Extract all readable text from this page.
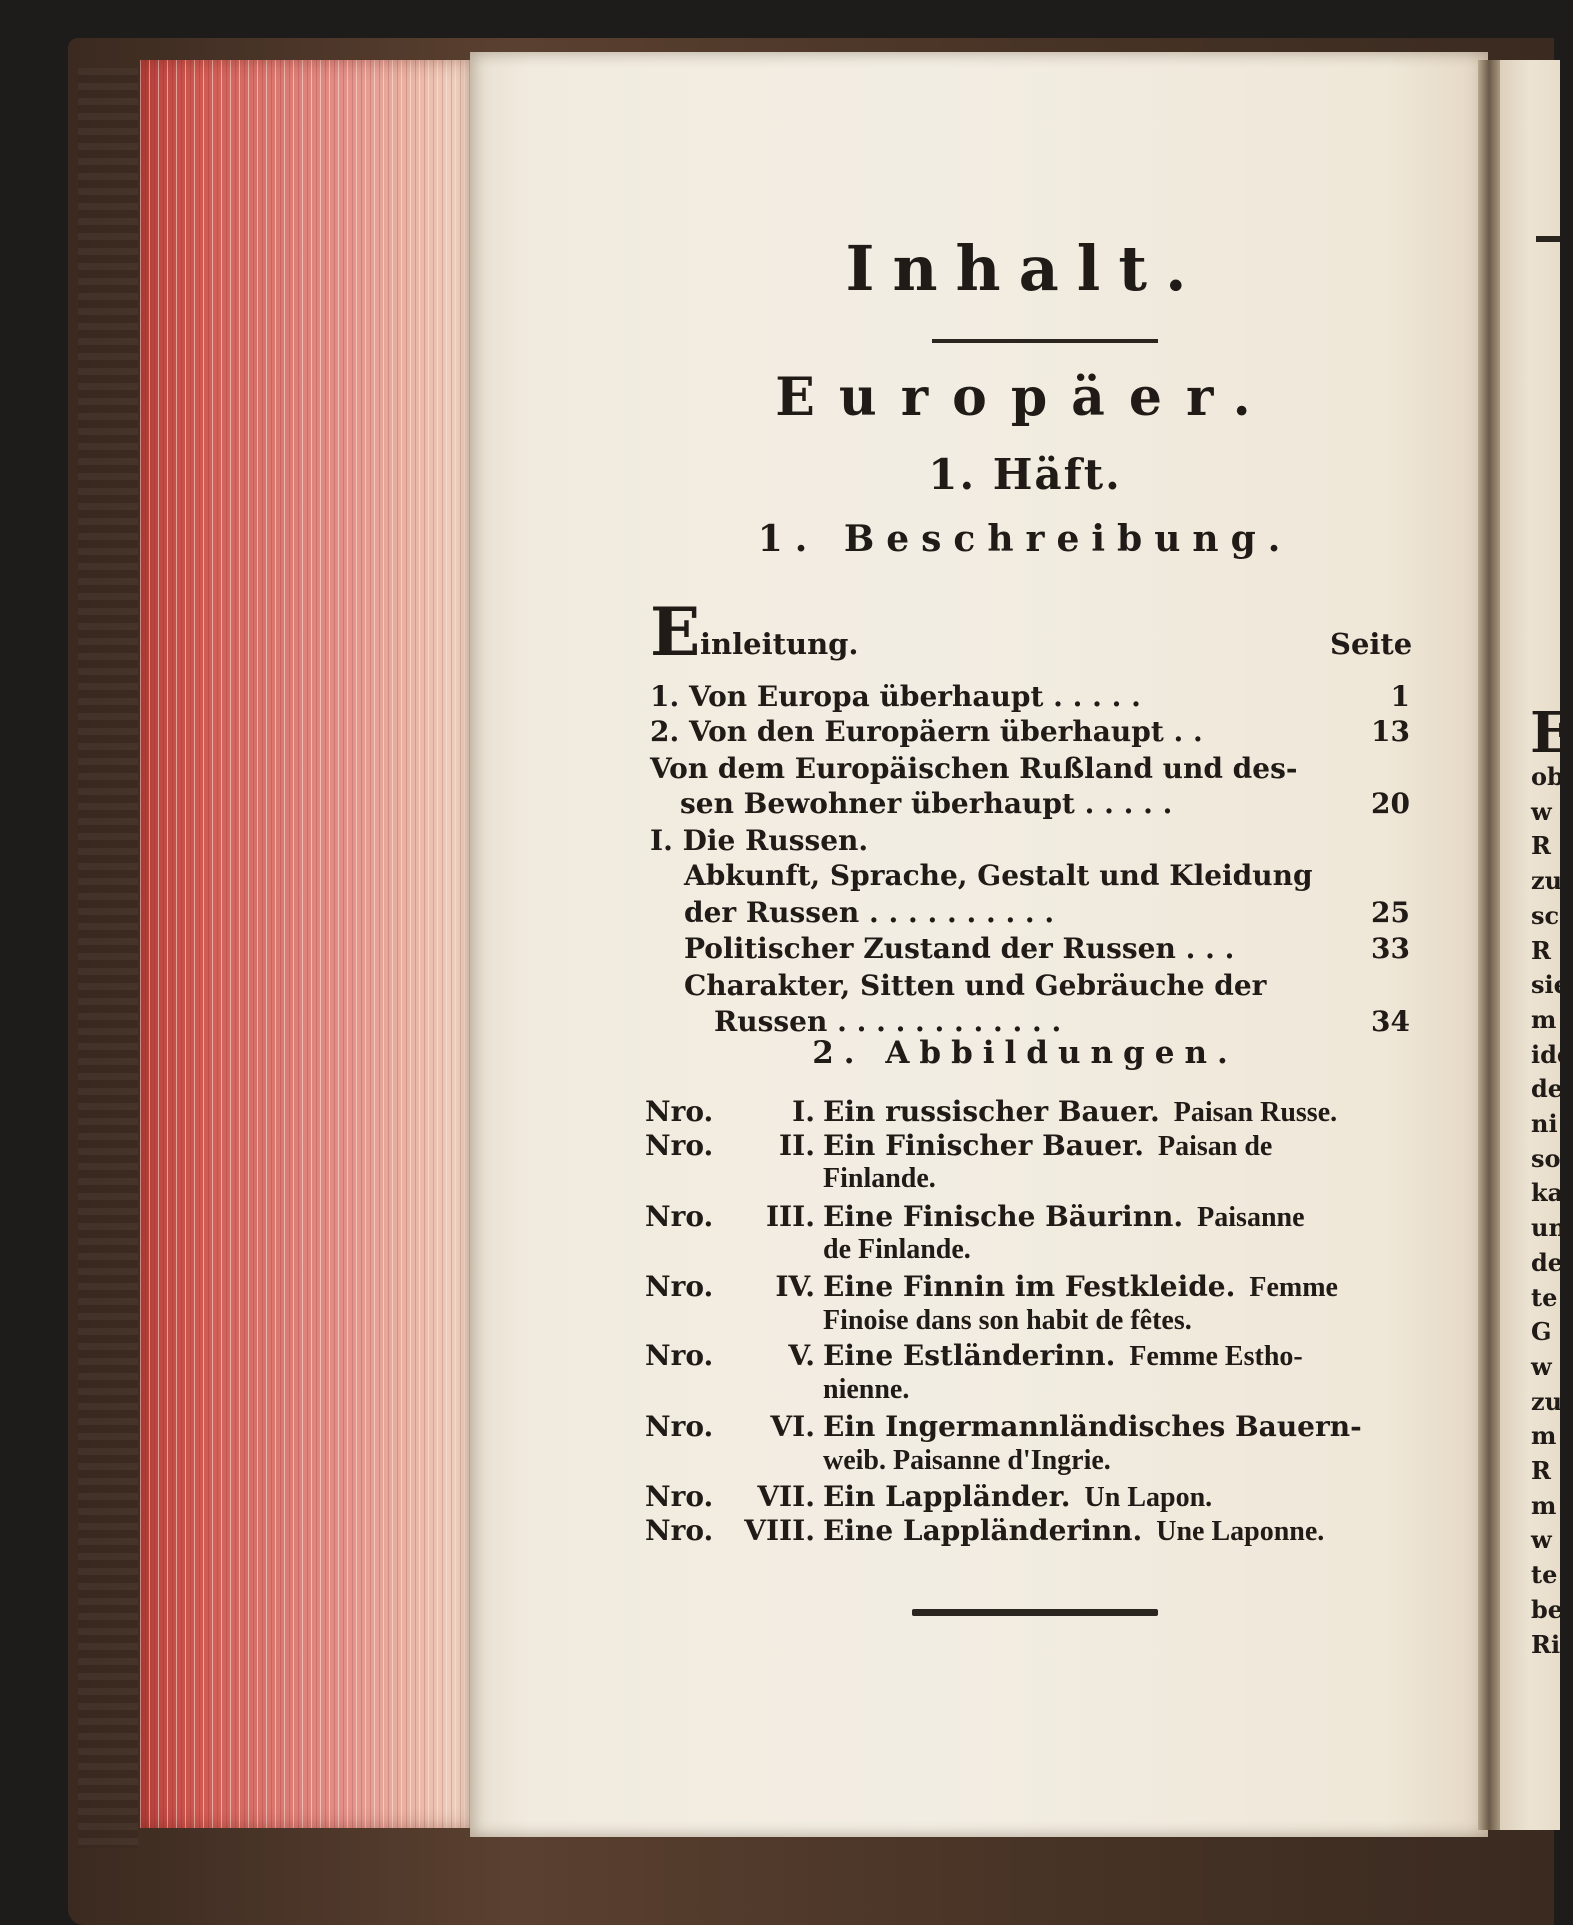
E
ob
w
R
zu
sc
R
sie
m
ide
de
ni
so
ka
un
de
te
G
w
zu
m
R
m
w
te
be
Ri
Inhalt.
Europäer.
1. Häft.
1. Beschreibung.
E inleitung.	Seite
1. Von Europa überhaupt . . . . .	1
2. Von den Europäern überhaupt . .	13
Von dem Europäischen Rußland und des-
sen Bewohner überhaupt . . . . .	20
I. Die Russen.
Abkunft, Sprache, Gestalt und Kleidung
der Russen . . . . . . . . . .	25
Politischer Zustand der Russen . . .	33
Charakter, Sitten und Gebräuche der
Russen . . . . . . . . . . . .	34
2. Abbildungen.
Nro.	I. Ein russischer Bauer. Paisan Russe.
Nro.	II. Ein Finischer Bauer. Paisan de
Finlande.
Nro.	III. Eine Finische Bäurinn. Paisanne
de Finlande.
Nro.	IV. Eine Finnin im Festkleide. Femme
Finoise dans son habit de fêtes.
Nro.	V. Eine Estländerinn. Femme Estho-
nienne.
Nro.	VI. Ein Ingermannländisches Bauern-
weib. Paisanne d'Ingrie.
Nro.	VII. Ein Lappländer. Un Lapon.
Nro.	VIII. Eine Lappländerinn. Une Laponne.
